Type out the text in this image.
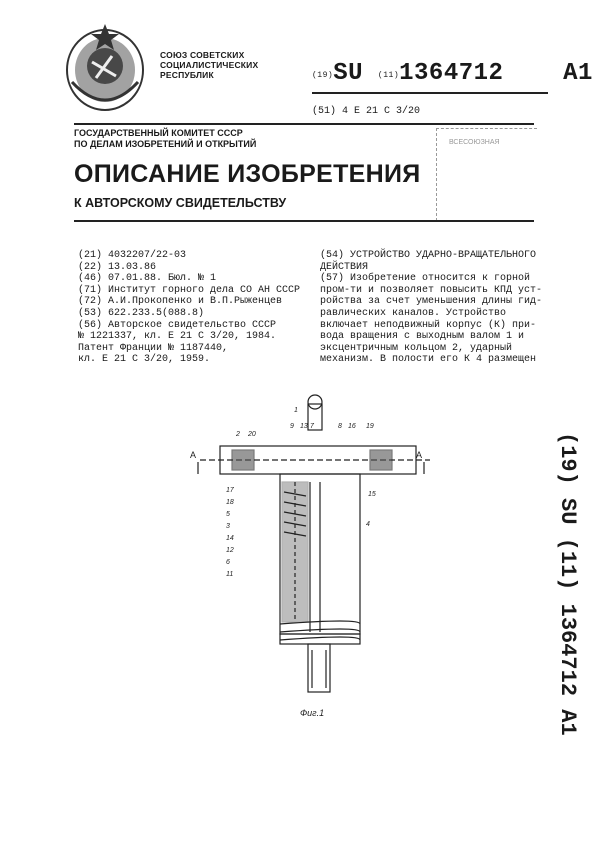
СОЮЗ СОВЕТСКИХ
СОЦИАЛИСТИЧЕСКИХ
РЕСПУБЛИК	(19)SU (11)1364712 A1
(51) 4 Е 21 С 3/20
ГОСУДАРСТВЕННЫЙ КОМИТЕТ СССР
ПО ДЕЛАМ ИЗОБРЕТЕНИЙ И ОТКРЫТИЙ	ВСЕСОЮЗНАЯ
ОПИСАНИЕ ИЗОБРЕТЕНИЯ
К АВТОРСКОМУ СВИДЕТЕЛЬСТВУ
(21) 4032207/22-03
(22) 13.03.86
(46) 07.01.88. Бюл. № 1
(71) Институт горного дела СО АН СССР
(72) А.И.Прокопенко и В.П.Рыженцев
(53) 622.233.5(088.8)
(56) Авторское свидетельство СССР
№ 1221337, кл. Е 21 С 3/20, 1984.
Патент Франции № 1187440,
кл. Е 21 С 3/20, 1959.
(54) УСТРОЙСТВО УДАРНО-ВРАЩАТЕЛЬНОГО
ДЕЙСТВИЯ
(57) Изобретение относится к горной
пром-ти и позволяет повысить КПД уст-
ройства за счет уменьшения длины гид-
равлических каналов. Устройство
включает неподвижный корпус (К) при-
вода вращения с выходным валом 1 и
эксцентричным кольцом 2, ударный
механизм. В полости его К 4 размещен
(19) SU (11) 1364712 A1
1
2 20
9 13 7	8 16 19
17
18
5
3
14
4
12
6
11
15
А	А
Фиг.1
